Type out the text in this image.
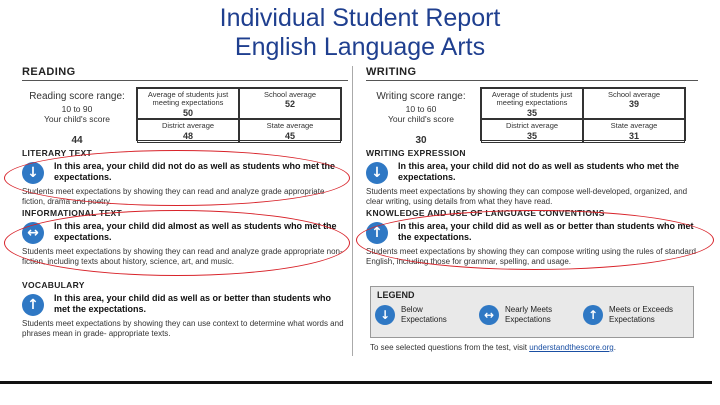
Individual Student Report
English Language Arts
READING
Reading score range:
10 to 90
Your child's score
44
Average of students just meeting expectations
50
School average
52
District average
48
State average
45
LITERARY TEXT
↓	In this area, your child did not do as well as students who met the expectations.
Students meet expectations by showing they can read and analyze grade appropriate fiction, drama and poetry.
INFORMATIONAL TEXT
↔	In this area, your child did almost as well as students who met the expectations.
Students meet expectations by showing they can read and analyze grade appropriate non-fiction, including texts about history, science, art, and music.
VOCABULARY
↑	In this area, your child did as well as or better than students who met the expectations.
Students meet expectations by showing they can use context to determine what words and phrases mean in grade- appropriate texts.
WRITING
Writing score range:
10 to 60
Your child's score
30
Average of students just meeting expectations
35
School average
39
District average
35
State average
31
WRITING EXPRESSION
↓	In this area, your child did not do as well as students who met the expectations.
Students meet expectations by showing they can compose well-developed, organized, and clear writing, using details from what they have read.
KNOWLEDGE AND USE OF LANGUAGE CONVENTIONS
↑	In this area, your child did as well as or better than students who met the expectations.
Students meet expectations by showing they can compose writing using the rules of standard English, including those for grammar, spelling, and usage.
LEGEND
↓	Below
Expectations	↔	Nearly Meets
Expectations	↑	Meets or Exceeds
Expectations
To see selected questions from the test, visit understandthescore.org.
